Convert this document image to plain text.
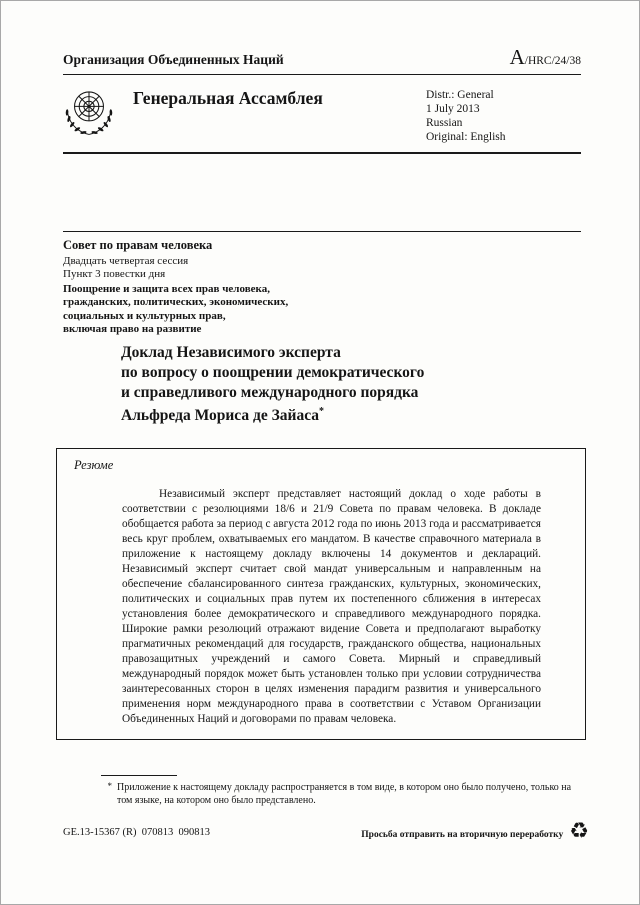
Организация Объединенных Наций	A/HRC/24/38
Генеральная Ассамблея	Distr.: General
1 July 2013
Russian
Original: English
Совет по правам человека
Двадцать четвертая сессия
Пункт 3 повестки дня
Поощрение и защита всех прав человека,
гражданских, политических, экономических,
социальных и культурных прав,
включая право на развитие
Доклад Независимого эксперта
по вопросу о поощрении демократического
и справедливого международного порядка
Альфреда Мориса де Зайаса*
Резюме

Независимый эксперт представляет настоящий доклад о ходе работы в соответствии с резолюциями 18/6 и 21/9 Совета по правам человека. В докладе обобщается работа за период с августа 2012 года по июнь 2013 года и рассматривается весь круг проблем, охватываемых его мандатом. В качестве справочного материала в приложение к настоящему докладу включены 14 документов и деклараций. Независимый эксперт считает свой мандат универсальным и направленным на обеспечение сбалансированного синтеза гражданских, культурных, экономических, политических и социальных прав путем их постепенного сближения в интересах установления более демократического и справедливого международного порядка. Широкие рамки резолюций отражают видение Совета и предполагают выработку прагматичных рекомендаций для государств, гражданского общества, национальных правозащитных учреждений и самого Совета. Мирный и справедливый международный порядок может быть установлен только при условии сотрудничества заинтересованных сторон в целях изменения парадигм развития и универсального применения норм международного права в соответствии с Уставом Организации Объединенных Наций и договорами по правам человека.

* Приложение к настоящему докладу распространяется в том виде, в котором оно было получено, только на том языке, на котором оно было представлено.
GE.13-15367 (R)  070813  090813	Просьба отправить на вторичную переработку ♻
